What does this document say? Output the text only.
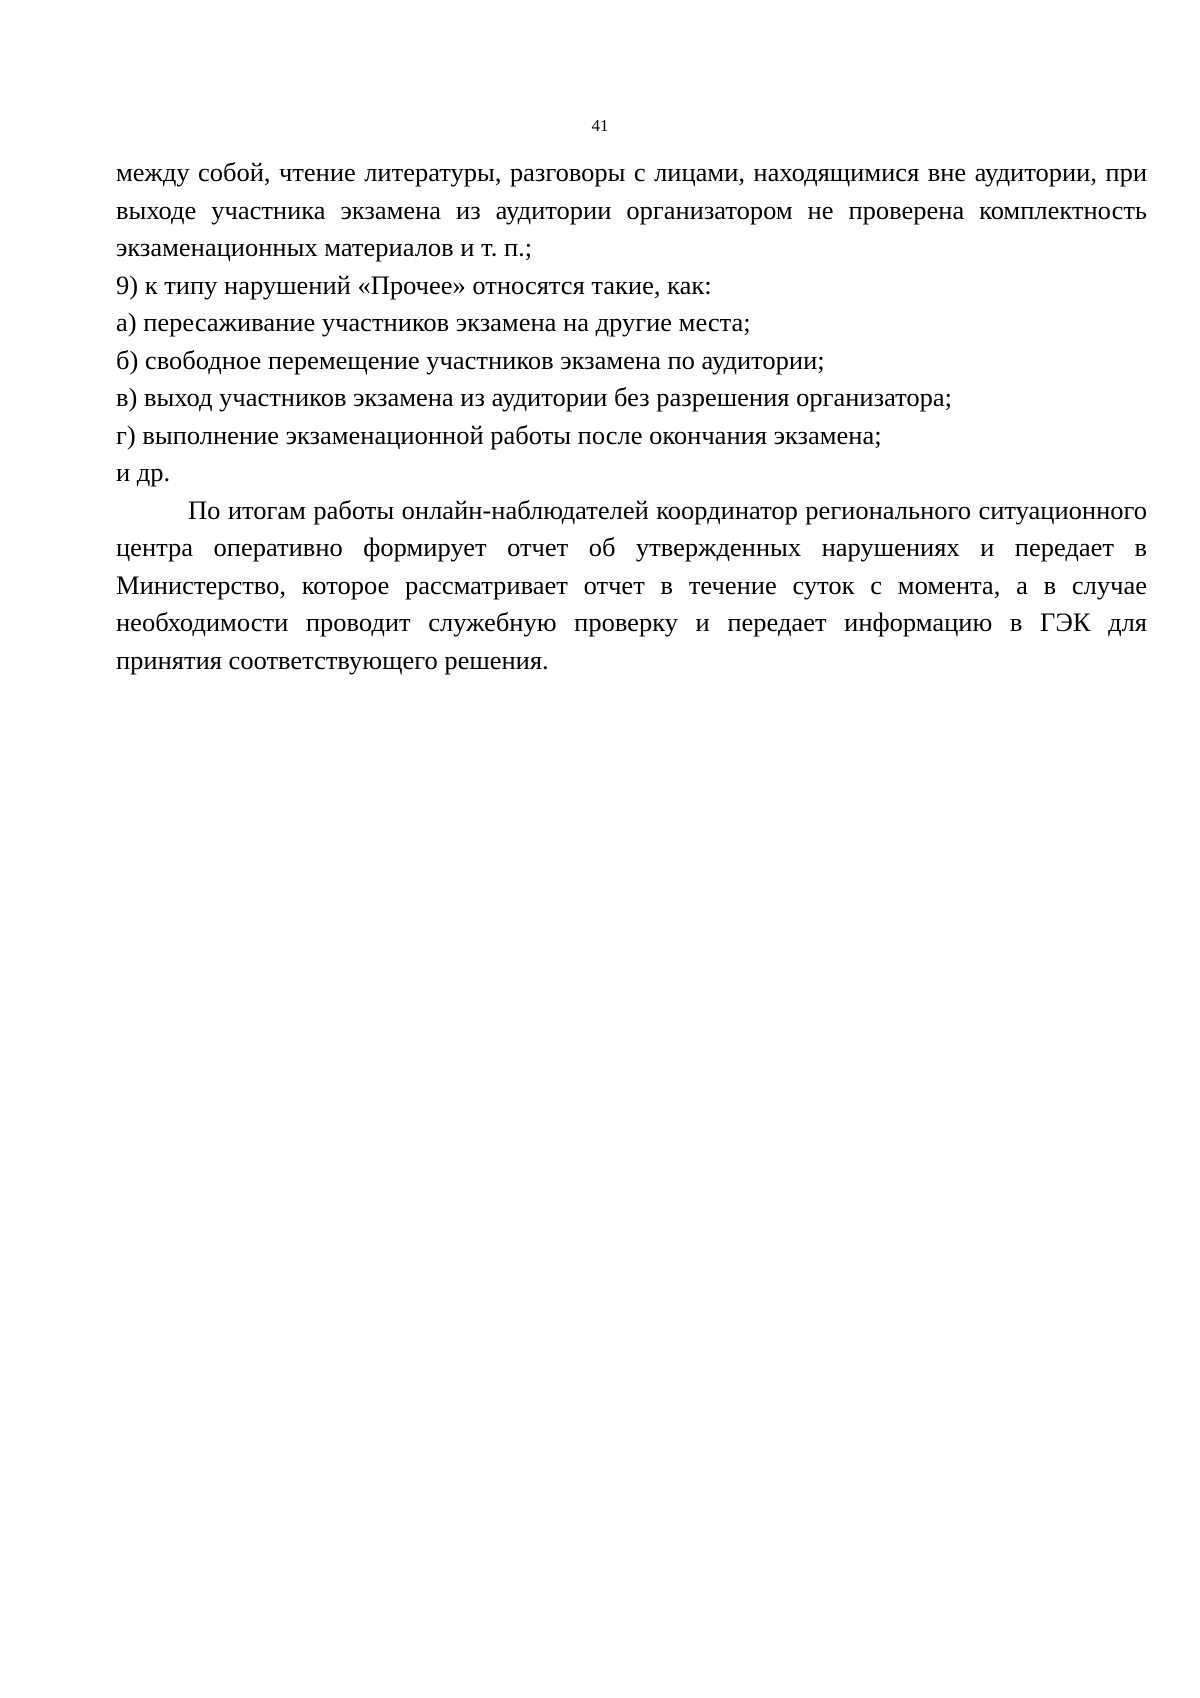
41

между собой, чтение литературы, разговоры с лицами, находящимися вне аудитории, при выходе участника экзамена из аудитории организатором не проверена комплектность экзаменационных материалов и т. п.;

9) к типу нарушений «Прочее» относятся такие, как:

а) пересаживание участников экзамена на другие места;

б) свободное перемещение участников экзамена по аудитории;

в) выход участников экзамена из аудитории без разрешения организатора;

г) выполнение экзаменационной работы после окончания экзамена;

и др.

По итогам работы онлайн-наблюдателей координатор регионального ситуационного центра оперативно формирует отчет об утвержденных нарушениях и передает в Министерство, которое рассматривает отчет в течение суток с момента, а в случае необходимости проводит служебную проверку и передает информацию в ГЭК для принятия соответствующего решения.
